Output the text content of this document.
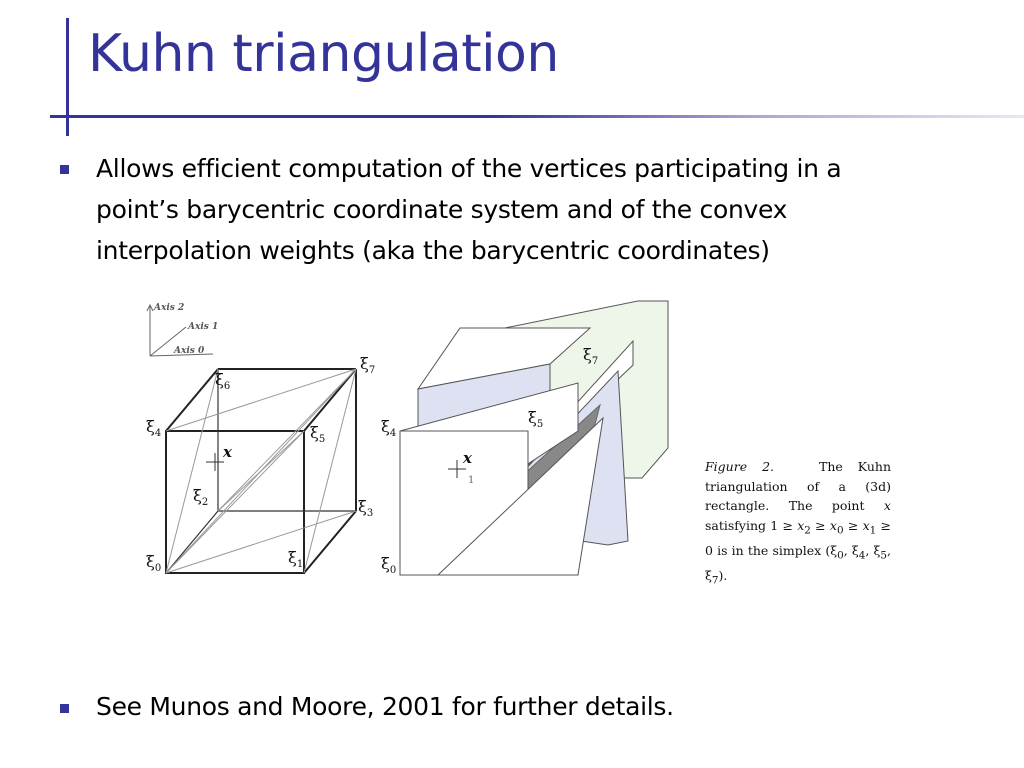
Kuhn triangulation

Allows efficient computation of the vertices participating in a
point’s barycentric coordinate system and of the convex
interpolation weights (aka the barycentric coordinates)

Axis 2
Axis 1
Axis 0
$\xi_7$
$\xi_6$
$\xi_4$	$\xi_5$
$\xi_2$	$\xi_3$
$\xi_0$
$\xi_1$
x
$\xi_7$
$\xi_5$
$\xi_4$
$\xi_0$
x
1
Figure 2.	The Kuhn triangulation of a (3d) rectangle. The point x satisfying $1 \ge x_2 \ge x_0 \ge x_1 \ge 0$ is in the simplex ($\xi_0$, $\xi_4$, $\xi_5$, $\xi_7$).

See Munos and Moore, 2001 for further details.
